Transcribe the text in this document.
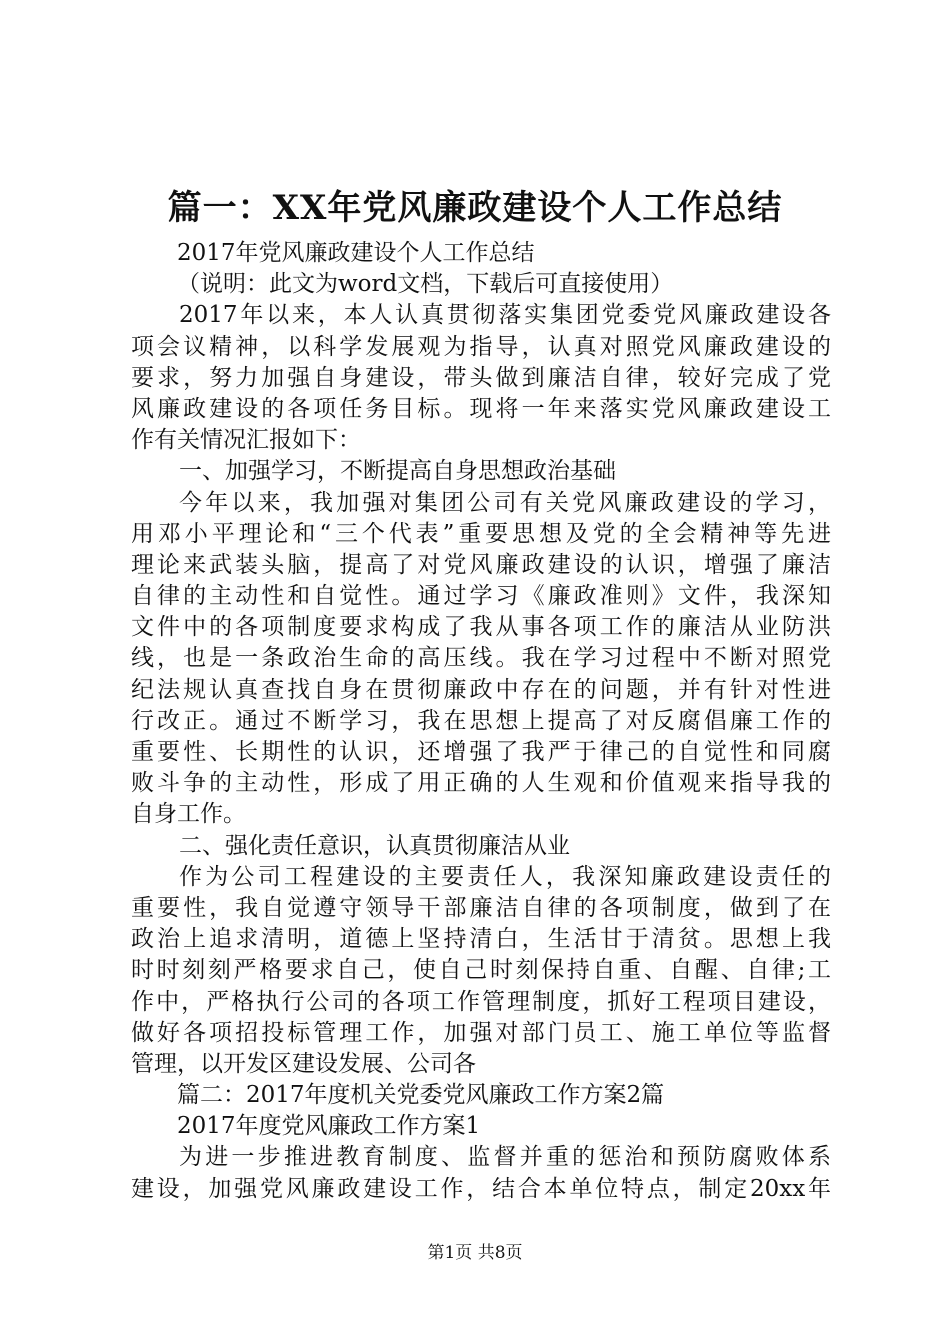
篇一：XX年党风廉政建设个人工作总结
2017年党风廉政建设个人工作总结
（说明：此文为word文档，下载后可直接使用）
2017年以来，本人认真贯彻落实集团党委党风廉政建设各
项会议精神，以科学发展观为指导，认真对照党风廉政建设的
要求，努力加强自身建设，带头做到廉洁自律，较好完成了党
风廉政建设的各项任务目标。现将一年来落实党风廉政建设工
作有关情况汇报如下：
一、加强学习，不断提高自身思想政治基础
今年以来，我加强对集团公司有关党风廉政建设的学习，
用邓小平理论和“三个代表”重要思想及党的全会精神等先进
理论来武装头脑，提高了对党风廉政建设的认识，增强了廉洁
自律的主动性和自觉性。通过学习《廉政准则》文件，我深知
文件中的各项制度要求构成了我从事各项工作的廉洁从业防洪
线，也是一条政治生命的高压线。我在学习过程中不断对照党
纪法规认真查找自身在贯彻廉政中存在的问题，并有针对性进
行改正。通过不断学习，我在思想上提高了对反腐倡廉工作的
重要性、长期性的认识，还增强了我严于律己的自觉性和同腐
败斗争的主动性，形成了用正确的人生观和价值观来指导我的
自身工作。
二、强化责任意识，认真贯彻廉洁从业
作为公司工程建设的主要责任人，我深知廉政建设责任的
重要性，我自觉遵守领导干部廉洁自律的各项制度，做到了在
政治上追求清明，道德上坚持清白，生活甘于清贫。思想上我
时时刻刻严格要求自己，使自己时刻保持自重、自醒、自律;工
作中，严格执行公司的各项工作管理制度，抓好工程项目建设，
做好各项招投标管理工作，加强对部门员工、施工单位等监督
管理，以开发区建设发展、公司各
篇二：2017年度机关党委党风廉政工作方案2篇
2017年度党风廉政工作方案1
为进一步推进教育制度、监督并重的惩治和预防腐败体系
建设，加强党风廉政建设工作，结合本单位特点，制定20xx年
第1页 共8页
